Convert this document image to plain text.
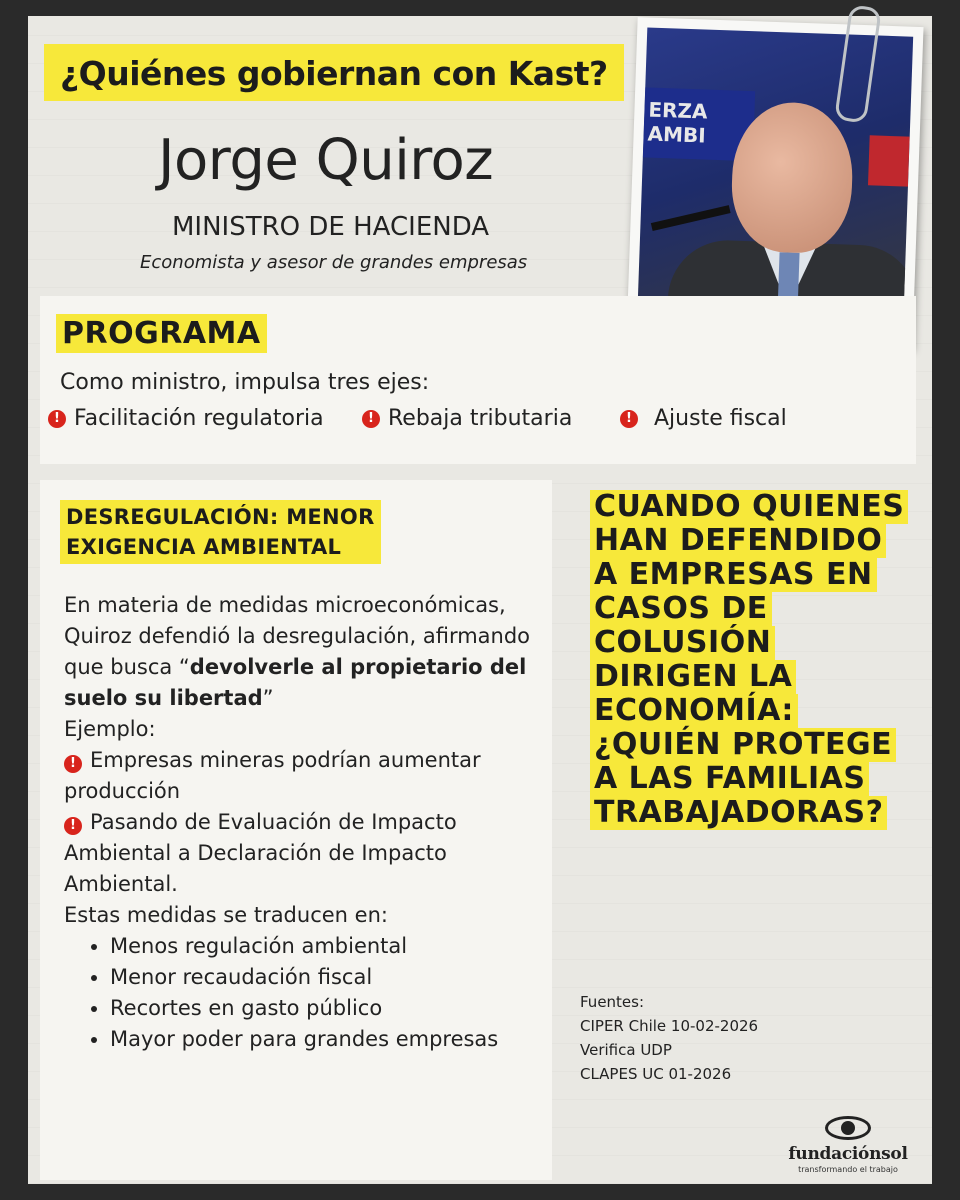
¿Quiénes gobiernan con Kast?
Jorge Quiroz
MINISTRO DE HACIENDA
Economista y asesor de grandes empresas
ERZA
AMBI
PROGRAMA
Como ministro, impulsa tres ejes:
! Facilitación regulatoria	! Rebaja tributaria	! Ajuste fiscal
DESREGULACIÓN: MENOR
EXIGENCIA AMBIENTAL

En materia de medidas microeconómicas, Quiroz defendió la desregulación, afirmando que busca “devolverle al propietario del suelo su libertad”

Ejemplo:

! Empresas mineras podrían aumentar producción

! Pasando de Evaluación de Impacto Ambiental a Declaración de Impacto Ambiental.

Estas medidas se traducen en:

• Menos regulación ambiental
• Menor recaudación fiscal
• Recortes en gasto público
• Mayor poder para grandes empresas
CUANDO QUIENES
HAN DEFENDIDO
A EMPRESAS EN
CASOS DE
COLUSIÓN
DIRIGEN LA
ECONOMÍA:
¿QUIÉN PROTEGE
A LAS FAMILIAS
TRABAJADORAS?
Fuentes:
CIPER Chile 10-02-2026
Verifica UDP
CLAPES UC 01-2026
fundaciónsol
transformando el trabajo
